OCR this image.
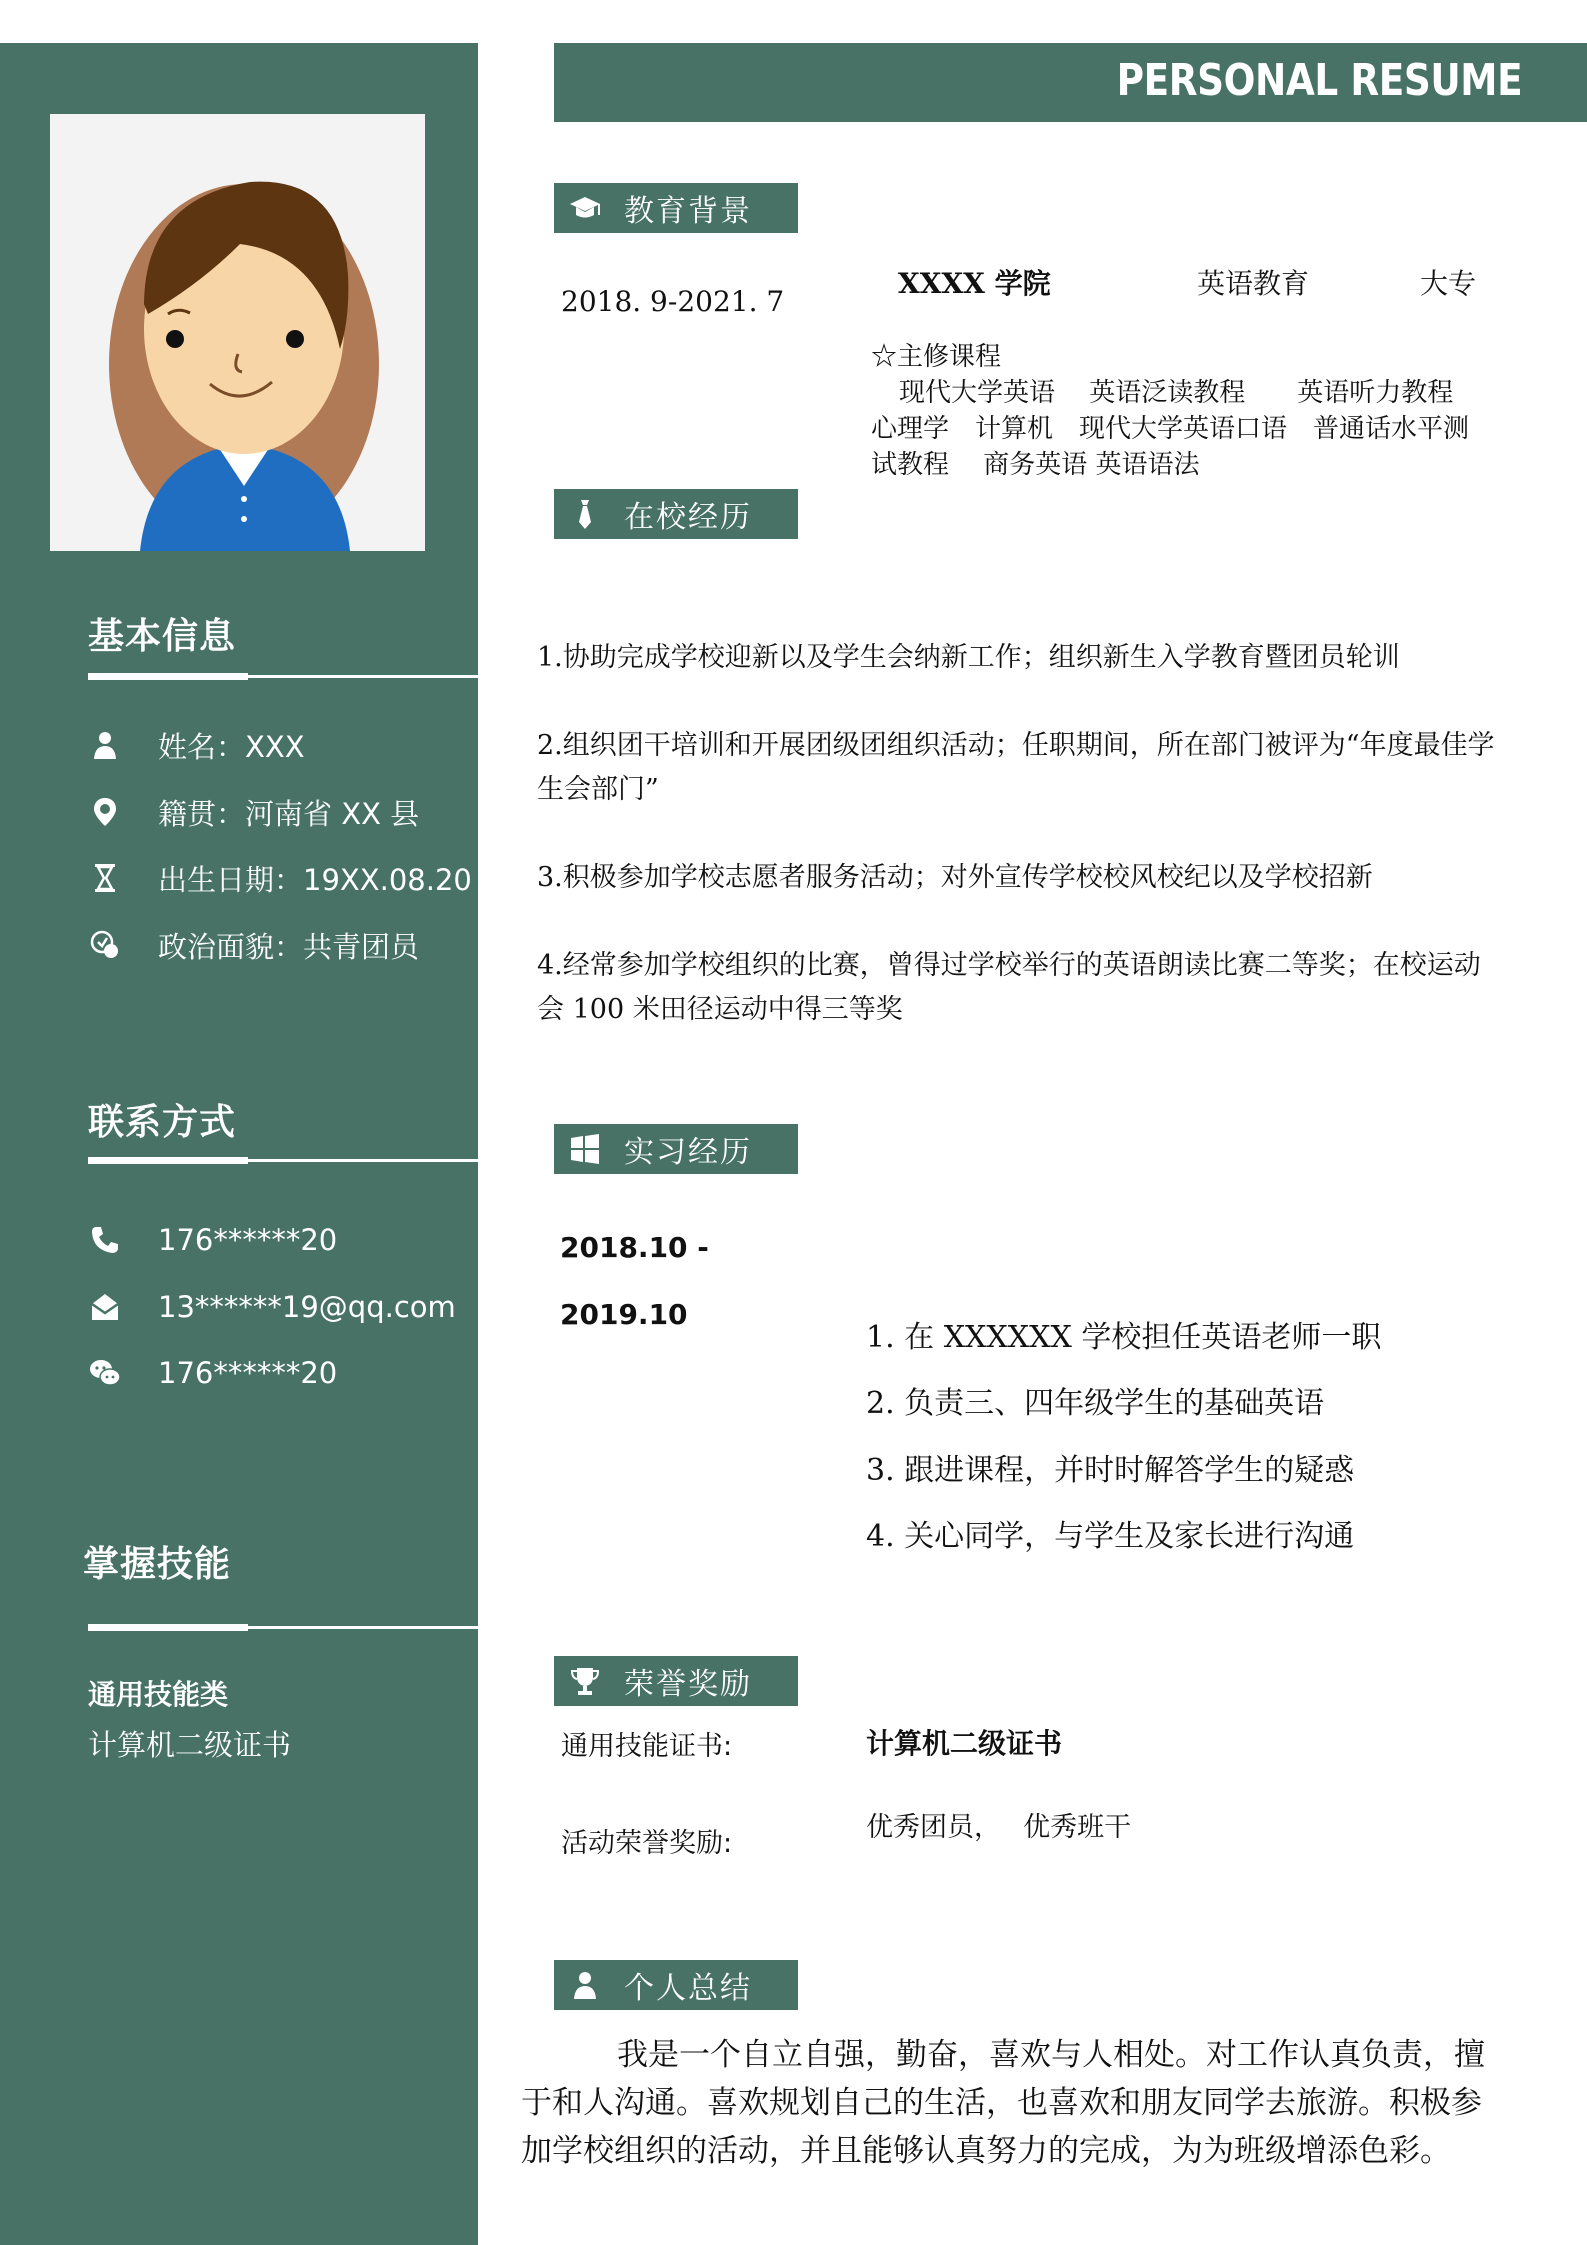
基本信息
姓名：XXX
籍贯：河南省 XX 县
出生日期：19XX.08.20
政治面貌：共青团员
联系方式
176******20
13******19@qq.com
176******20
掌握技能
通用技能类
计算机二级证书
PERSONAL RESUME
教育背景
2018. 9-2021. 7
XXXX 学院	英语教育	大专
☆主修课程
现代大学英语　 英语泛读教程　　英语听力教程
心理学　计算机　现代大学英语口语　普通话水平测
试教程　 商务英语 英语语法
在校经历
1.协助完成学校迎新以及学生会纳新工作；组织新生入学教育暨团员轮训
2.组织团干培训和开展团级团组织活动；任职期间，所在部门被评为“年度最佳学生会部门”
3.积极参加学校志愿者服务活动；对外宣传学校校风校纪以及学校招新
4.经常参加学校组织的比赛，曾得过学校举行的英语朗读比赛二等奖；在校运动会 100 米田径运动中得三等奖
实习经历
2018.10 -
2019.10
1. 在 XXXXXX 学校担任英语老师一职
2. 负责三、四年级学生的基础英语
3. 跟进课程，并时时解答学生的疑惑
4. 关心同学，与学生及家长进行沟通
荣誉奖励
通用技能证书:	计算机二级证书
活动荣誉奖励:
优秀团员，　 优秀班干
个人总结
我是一个自立自强，勤奋，喜欢与人相处。对工作认真负责，擅于和人沟通。喜欢规划自己的生活，也喜欢和朋友同学去旅游。积极参加学校组织的活动，并且能够认真努力的完成，为为班级增添色彩。
